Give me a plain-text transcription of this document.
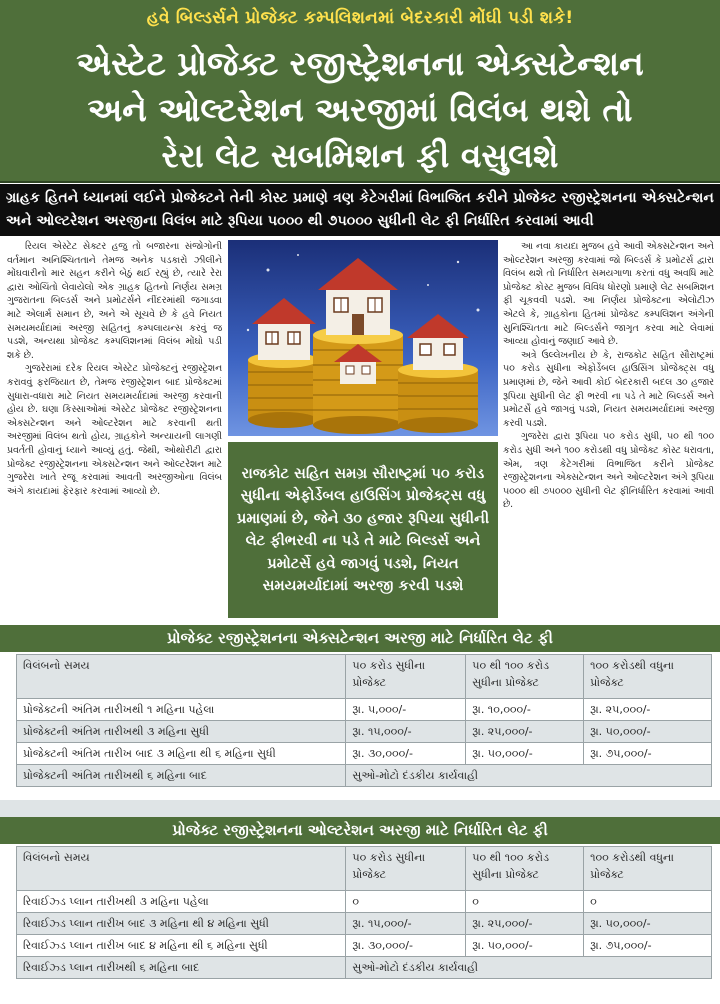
હવે બિલ્ડર્સને પ્રોજેક્ટ કમ્પલિશનમાં બેદરકારી મોંઘી પડી શકે!
એસ્ટેટ પ્રોજેક્ટ રજીસ્ટ્રેશનના એક્સટેન્શન
અને ઓલ્ટરેશન અરજીમાં વિલંબ થશે તો
રેરા લેટ સબમિશન ફી વસુલશે
ગ્રાહક હિતને ધ્યાનમાં લઈને પ્રોજેક્ટને તેની કોસ્ટ પ્રમાણે ત્રણ કેટેગરીમાં વિભાજિત કરીને પ્રોજેક્ટ રજીસ્ટ્રેશનના એક્સટેન્શન અને ઓલ્ટરેશન અરજીના વિલંબ માટે રૂપિયા ૫૦૦૦ થી ૭૫૦૦૦ સુધીની લેટ ફી નિર્ધારિત કરવામાં આવી

રિયલ એસ્ટેટ સેક્ટર હજુ તો બજારના સંજોગોની વર્તમાન અનિશ્ચિતતાને તેમજ અનેક પડકારો ઝીલીને મોંઘવારીનો માર સહન કરીને બેઠું થઈ રહ્યું છે, ત્યારે રેરા દ્વારા ઓચિંતો લેવાયેલો એક ગ્રાહક હિતનો નિર્ણય સમગ્ર ગુજરાતના બિલ્ડર્સ અને પ્રમોટર્સને નીંદરમાંથી જગાડવા માટે એલાર્મ સમાન છે, અને એ સૂચવે છે કે હવે નિયત સમયમર્યાદામાં અરજી સહિતનું કમ્પલાયન્સ કરવું જ પડશે, અન્યથા પ્રોજેક્ટ કમ્પલિશનમાં વિલંબ મોંઘો પડી શકે છે.

ગુજરેરામાં દરેક રિયલ એસ્ટેટ પ્રોજેક્ટનું રજીસ્ટ્રેશન કરાવવું ફરજિયાત છે, તેમજ રજીસ્ટ્રેશન બાદ પ્રોજેક્ટમાં સુધારા-વધારા માટે નિયત સમયમર્યાદામાં અરજી કરવાની હોય છે. ઘણા કિસ્સાઓમાં એસ્ટેટ પ્રોજેક્ટ રજીસ્ટ્રેશનના એક્સટેન્શન અને ઓલ્ટરેશન માટે કરવાની થતી અરજીમાં વિલંબ થતો હોય, ગ્રાહકોને અન્યાયની લાગણી પ્રવર્તતી હોવાનું ધ્યાને આવ્યું હતું. જેથી, ઓથોરીટી દ્વારા પ્રોજેક્ટ રજીસ્ટ્રેશનના એક્સટેન્શન અને ઓલ્ટરેશન માટે ગુજરેરા ખાતે રજૂ કરવામાં આવતી અરજીઓના વિલંબ અંગે કાયદામાં ફેરફાર કરવામાં આવ્યો છે.

રાજકોટ સહિત સમગ્ર સૌરાષ્ટ્રમાં ૫૦ કરોડ સુધીના એફોર્ડેબલ હાઉસિંગ પ્રોજેક્ટ્સ વધુ પ્રમાણમાં છે, જેને ૩૦ હજાર રૂપિયા સુધીની લેટ ફીભરવી ના પડે તે માટે બિલ્ડર્સ અને પ્રમોટર્સે હવે જાગવું પડશે, નિયત સમયમર્યાદામાં અરજી કરવી પડશે

આ નવા કાયદા મુજબ હવે આવી એક્સટેન્શન અને ઓલ્ટરેશન અરજી કરવામાં જો બિલ્ડર્સ કે પ્રમોટર્સ દ્વારા વિલંબ થશે તો નિર્ધારિત સમયગાળા કરતાં વધુ અવધિ માટે પ્રોજેક્ટ કોસ્ટ મુજબ વિવિધ ધોરણો પ્રમાણે લેટ સબમિશન ફી ચૂકવવી પડશે. આ નિર્ણય પ્રોજેક્ટના એલોટીઝ એટલે કે, ગ્રાહકોના હિતમાં પ્રોજેક્ટ કમ્પલિશન અંગેની સુનિશ્ચિતતા માટે બિલ્ડર્સને જાગૃત કરવા માટે લેવામાં આવ્યા હોવાનું જણાઈ આવે છે.

અત્રે ઉલ્લેખનીય છે કે, રાજકોટ સહિત સૌરાષ્ટ્રમાં ૫૦ કરોડ સુધીના એફોર્ડેબલ હાઉસિંગ પ્રોજેક્ટ્સ વધુ પ્રમાણમાં છે, જેને આવી કોઈ બેદરકારી બદલ ૩૦ હજાર રૂપિયા સુધીની લેટ ફી ભરવી ના પડે તે માટે બિલ્ડર્સ અને પ્રમોટર્સે હવે જાગવું પડશે, નિયત સમયમર્યાદામાં અરજી કરવી પડશે.

ગુજરેરા દ્વારા રૂપિયા ૫૦ કરોડ સુધી, ૫૦ થી ૧૦૦ કરોડ સુધી અને ૧૦૦ કરોડથી વધુ પ્રોજેક્ટ કોસ્ટ ધરાવતા, એમ, ત્રણ કેટેગરીમાં વિભાજિત કરીને પ્રોજેક્ટ રજીસ્ટ્રેશનના એક્સટેન્શન અને ઓલ્ટરેશન અંગે રૂપિયા ૫૦૦૦ થી ૭૫૦૦૦ સુધીની લેટ ફીનિર્ધારિત કરવામાં આવી છે.

પ્રોજેક્ટ રજીસ્ટ્રેશનના એક્સટેન્શન અરજી માટે નિર્ધારિત લેટ ફી
વિલંબનો સમય	૫૦ કરોડ સુધીના પ્રોજેક્ટ	૫૦ થી ૧૦૦ કરોડ સુધીના પ્રોજેક્ટ	૧૦૦ કરોડથી વધુના પ્રોજેક્ટ
પ્રોજેક્ટની અંતિમ તારીખથી ૧ મહિના પહેલા	રૂા. ૫,૦૦૦/-	રૂા. ૧૦,૦૦૦/-	રૂા. ૨૫,૦૦૦/-
પ્રોજેક્ટની અંતિમ તારીખથી ૩ મહિના સુધી	રૂા. ૧૫,૦૦૦/-	રૂા. ૨૫,૦૦૦/-	રૂા. ૫૦,૦૦૦/-
પ્રોજેક્ટની અંતિમ તારીખ બાદ ૩ મહિના થી ૬ મહિના સુધી	રૂા. ૩૦,૦૦૦/-	રૂા. ૫૦,૦૦૦/-	રૂા. ૭૫,૦૦૦/-
પ્રોજેક્ટની અંતિમ તારીખથી ૬ મહિના બાદ	સુઓ-મોટો દંડકીય કાર્યવાહી		
પ્રોજેક્ટ રજીસ્ટ્રેશનના ઓલ્ટરેશન અરજી માટે નિર્ધારિત લેટ ફી
વિલંબનો સમય	૫૦ કરોડ સુધીના પ્રોજેક્ટ	૫૦ થી ૧૦૦ કરોડ સુધીના પ્રોજેક્ટ	૧૦૦ કરોડથી વધુના પ્રોજેક્ટ
રિવાઈઝ્ડ પ્લાન તારીખથી ૩ મહિના પહેલા	૦	૦	૦
રિવાઈઝ્ડ પ્લાન તારીખ બાદ ૩ મહિના થી ૪ મહિના સુધી	રૂા. ૧૫,૦૦૦/-	રૂા. ૨૫,૦૦૦/-	રૂા. ૫૦,૦૦૦/-
રિવાઈઝ્ડ પ્લાન તારીખ બાદ ૪ મહિના થી ૬ મહિના સુધી	રૂા. ૩૦,૦૦૦/-	રૂા. ૫૦,૦૦૦/-	રૂા. ૭૫,૦૦૦/-
રિવાઈઝ્ડ પ્લાન તારીખથી ૬ મહિના બાદ	સુઓ-મોટો દંડકીય કાર્યવાહી		
